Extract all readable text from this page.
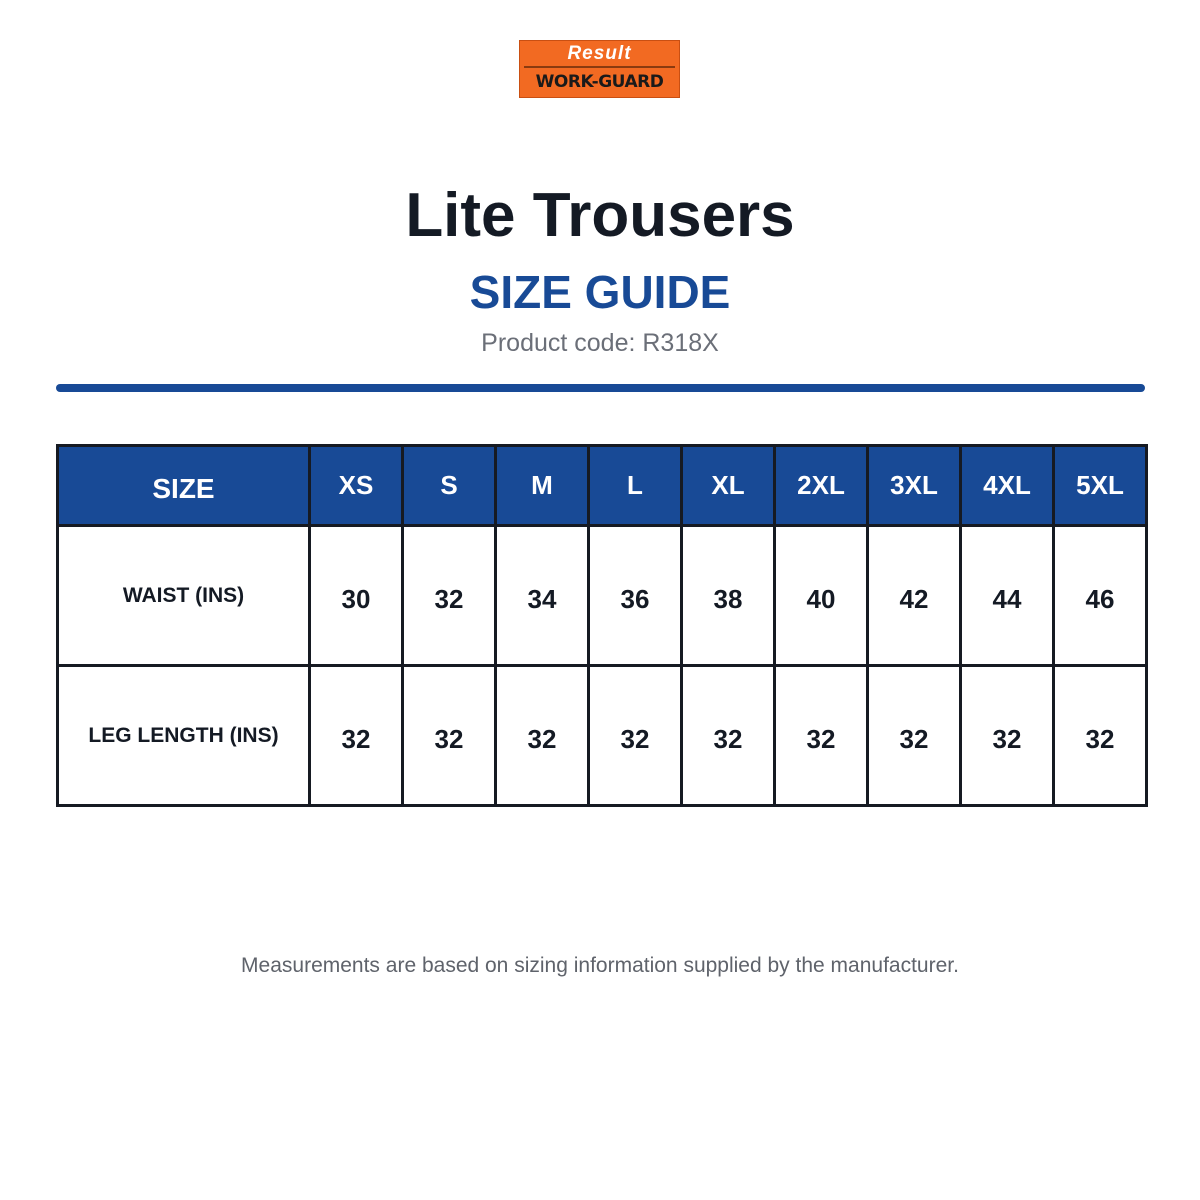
Result
WORK-GUARD
Lite Trousers
SIZE GUIDE
Product code: R318X
SIZE	XS	S	M	L	XL	2XL	3XL	4XL	5XL
WAIST (INS)	30	32	34	36	38	40	42	44	46
LEG LENGTH (INS)	32	32	32	32	32	32	32	32	32
Measurements are based on sizing information supplied by the manufacturer.
